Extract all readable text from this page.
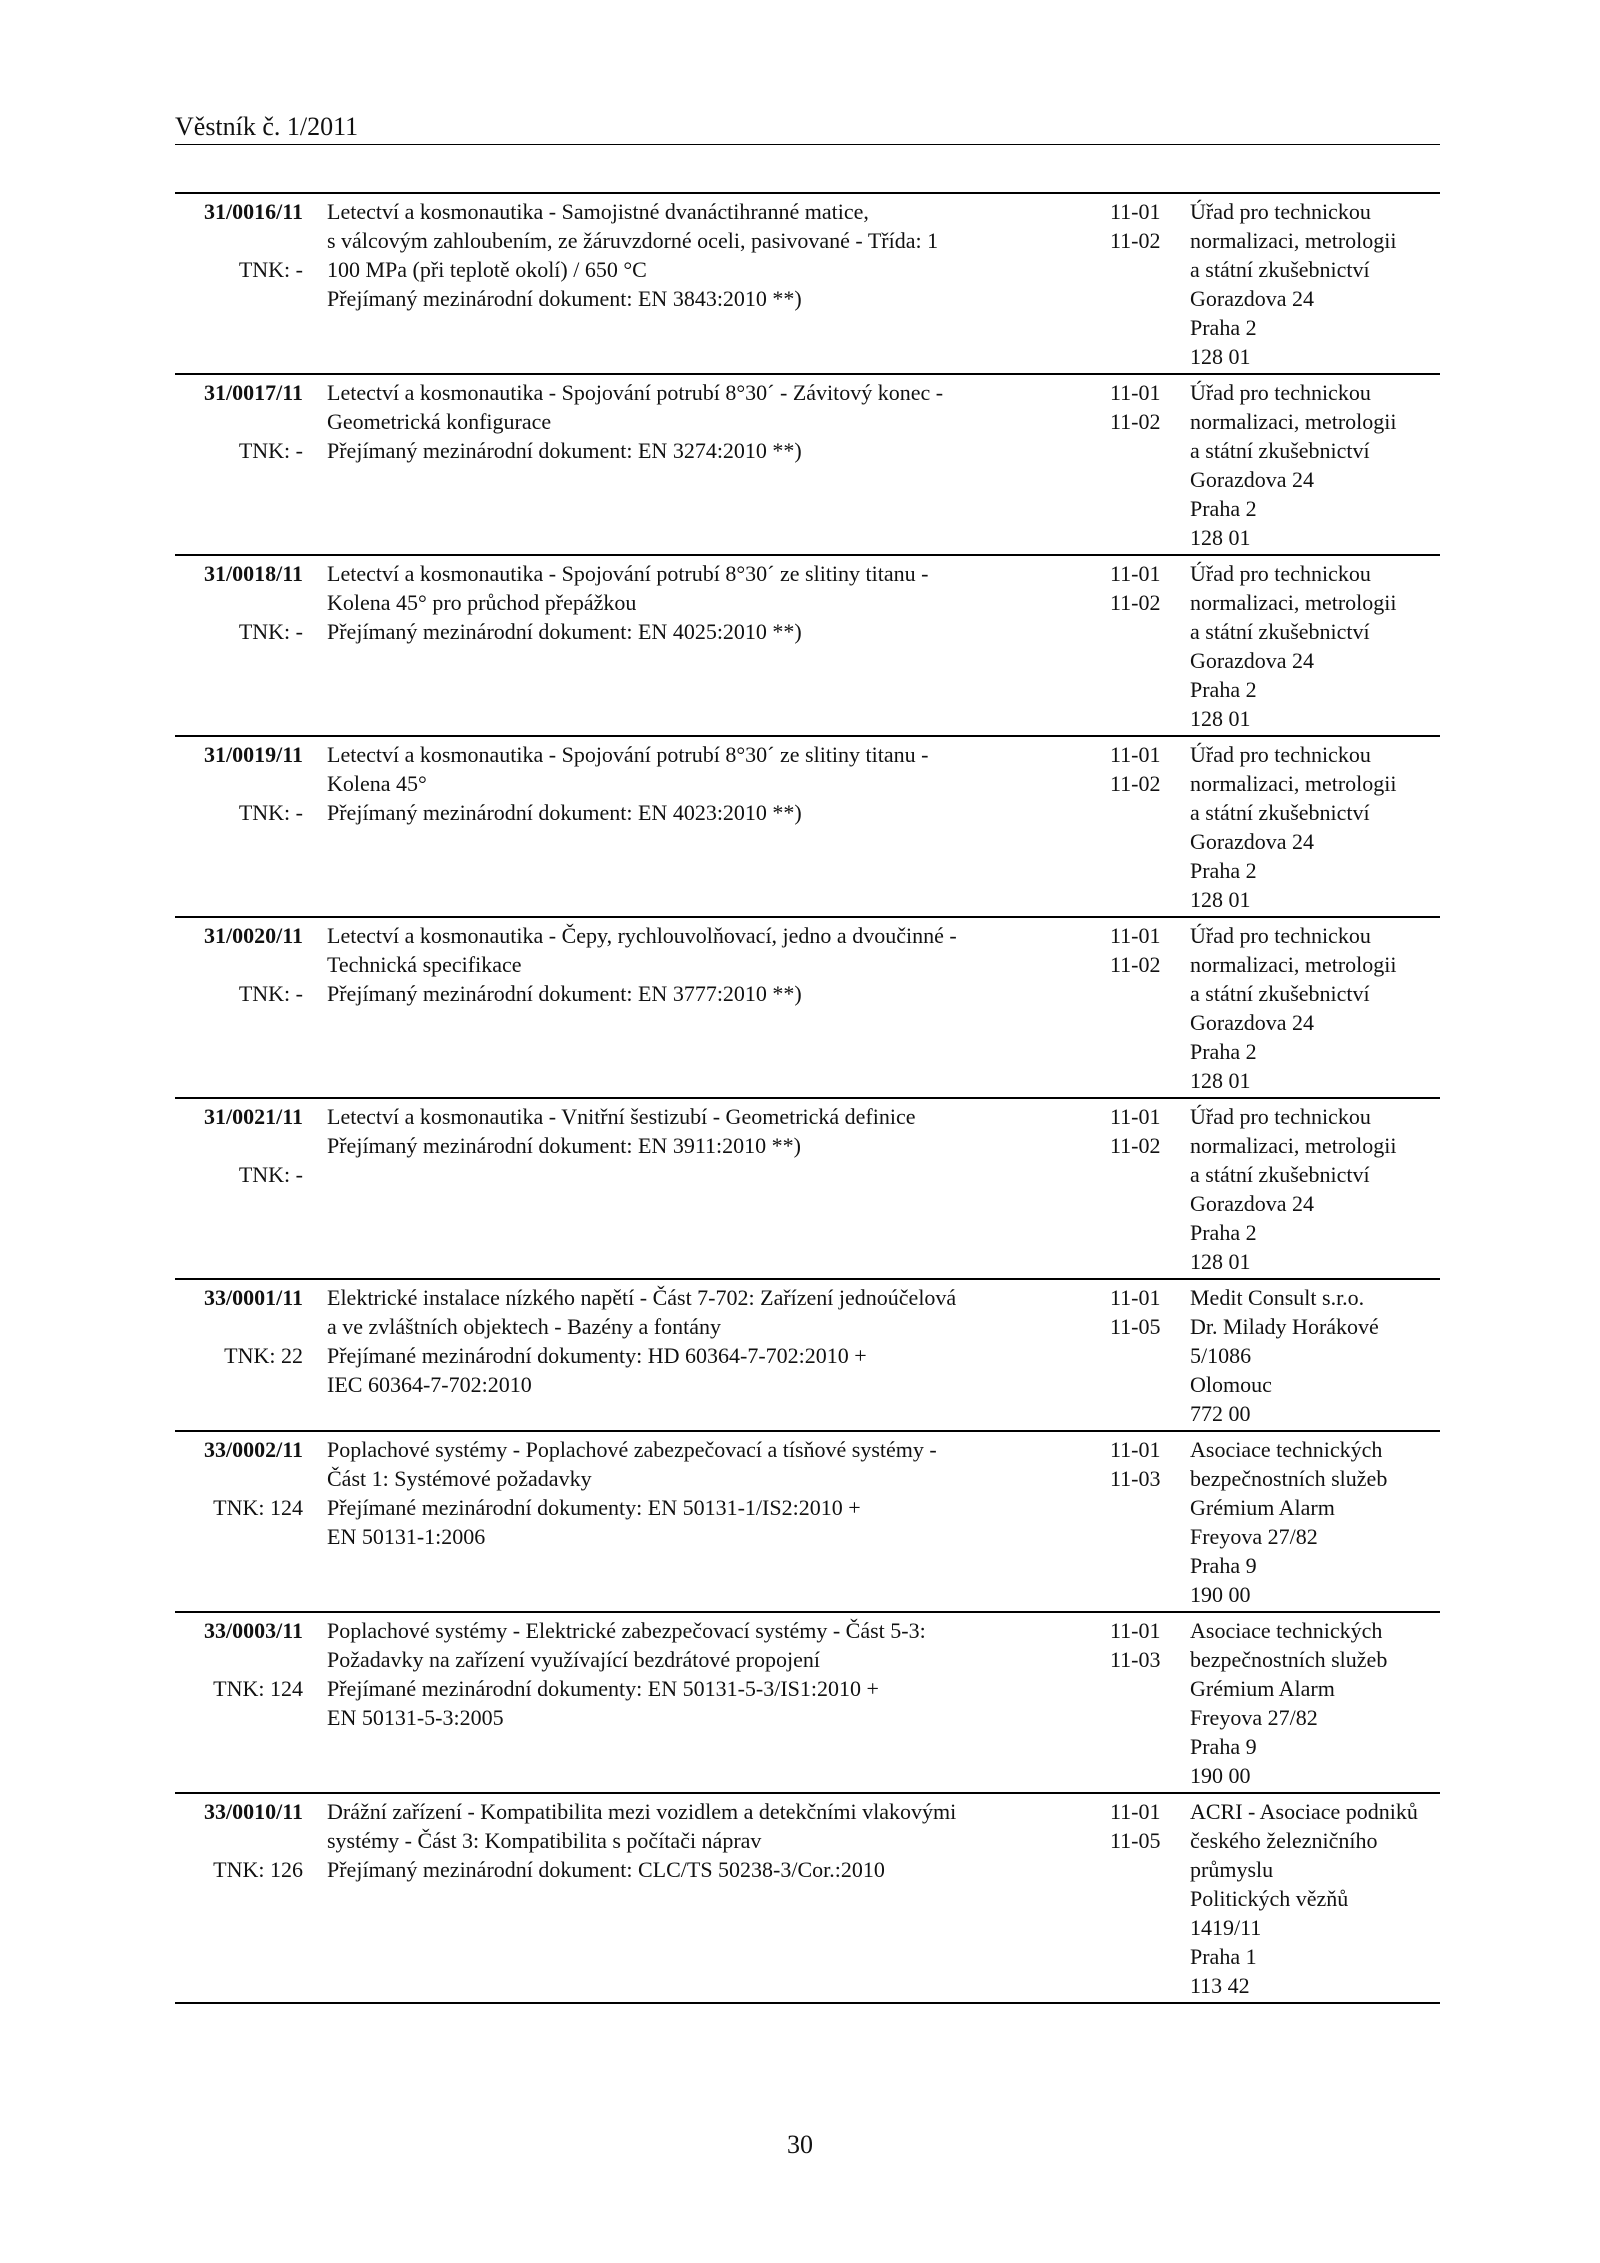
Věstník č. 1/2011
31/0016/11
TNK: -
Letectví a kosmonautika - Samojistné dvanáctihranné matice,
s válcovým zahloubením, ze žáruvzdorné oceli, pasivované - Třída: 1
100 MPa (při teplotě okolí) / 650 °C
Přejímaný mezinárodní dokument: EN 3843:2010 **)
11-01
11-02
Úřad pro technickou
normalizaci, metrologii
a státní zkušebnictví
Gorazdova 24
Praha 2
128 01
31/0017/11
TNK: -
Letectví a kosmonautika - Spojování potrubí 8°30´ - Závitový konec -
Geometrická konfigurace
Přejímaný mezinárodní dokument: EN 3274:2010 **)
11-01
11-02
Úřad pro technickou
normalizaci, metrologii
a státní zkušebnictví
Gorazdova 24
Praha 2
128 01
31/0018/11
TNK: -
Letectví a kosmonautika - Spojování potrubí 8°30´ ze slitiny titanu -
Kolena 45° pro průchod přepážkou
Přejímaný mezinárodní dokument: EN 4025:2010 **)
11-01
11-02
Úřad pro technickou
normalizaci, metrologii
a státní zkušebnictví
Gorazdova 24
Praha 2
128 01
31/0019/11
TNK: -
Letectví a kosmonautika - Spojování potrubí 8°30´ ze slitiny titanu -
Kolena 45°
Přejímaný mezinárodní dokument: EN 4023:2010 **)
11-01
11-02
Úřad pro technickou
normalizaci, metrologii
a státní zkušebnictví
Gorazdova 24
Praha 2
128 01
31/0020/11
TNK: -
Letectví a kosmonautika - Čepy, rychlouvolňovací, jedno a dvoučinné -
Technická specifikace
Přejímaný mezinárodní dokument: EN 3777:2010 **)
11-01
11-02
Úřad pro technickou
normalizaci, metrologii
a státní zkušebnictví
Gorazdova 24
Praha 2
128 01
31/0021/11
TNK: -
Letectví a kosmonautika - Vnitřní šestizubí - Geometrická definice
Přejímaný mezinárodní dokument: EN 3911:2010 **)
11-01
11-02
Úřad pro technickou
normalizaci, metrologii
a státní zkušebnictví
Gorazdova 24
Praha 2
128 01
33/0001/11
TNK: 22
Elektrické instalace nízkého napětí - Část 7-702: Zařízení jednoúčelová
a ve zvláštních objektech - Bazény a fontány
Přejímané mezinárodní dokumenty: HD 60364-7-702:2010 +
IEC 60364-7-702:2010
11-01
11-05
Medit Consult s.r.o.
Dr. Milady Horákové
5/1086
Olomouc
772 00
33/0002/11
TNK: 124
Poplachové systémy - Poplachové zabezpečovací a tísňové systémy -
Část 1: Systémové požadavky
Přejímané mezinárodní dokumenty: EN 50131-1/IS2:2010 +
EN 50131-1:2006
11-01
11-03
Asociace technických
bezpečnostních služeb
Grémium Alarm
Freyova 27/82
Praha 9
190 00
33/0003/11
TNK: 124
Poplachové systémy - Elektrické zabezpečovací systémy - Část 5-3:
Požadavky na zařízení využívající bezdrátové propojení
Přejímané mezinárodní dokumenty: EN 50131-5-3/IS1:2010 +
EN 50131-5-3:2005
11-01
11-03
Asociace technických
bezpečnostních služeb
Grémium Alarm
Freyova 27/82
Praha 9
190 00
33/0010/11
TNK: 126
Drážní zařízení - Kompatibilita mezi vozidlem a detekčními vlakovými
systémy - Část 3: Kompatibilita s počítači náprav
Přejímaný mezinárodní dokument: CLC/TS 50238-3/Cor.:2010
11-01
11-05
ACRI - Asociace podniků
českého železničního
průmyslu
Politických vězňů
1419/11
Praha 1
113 42
30
